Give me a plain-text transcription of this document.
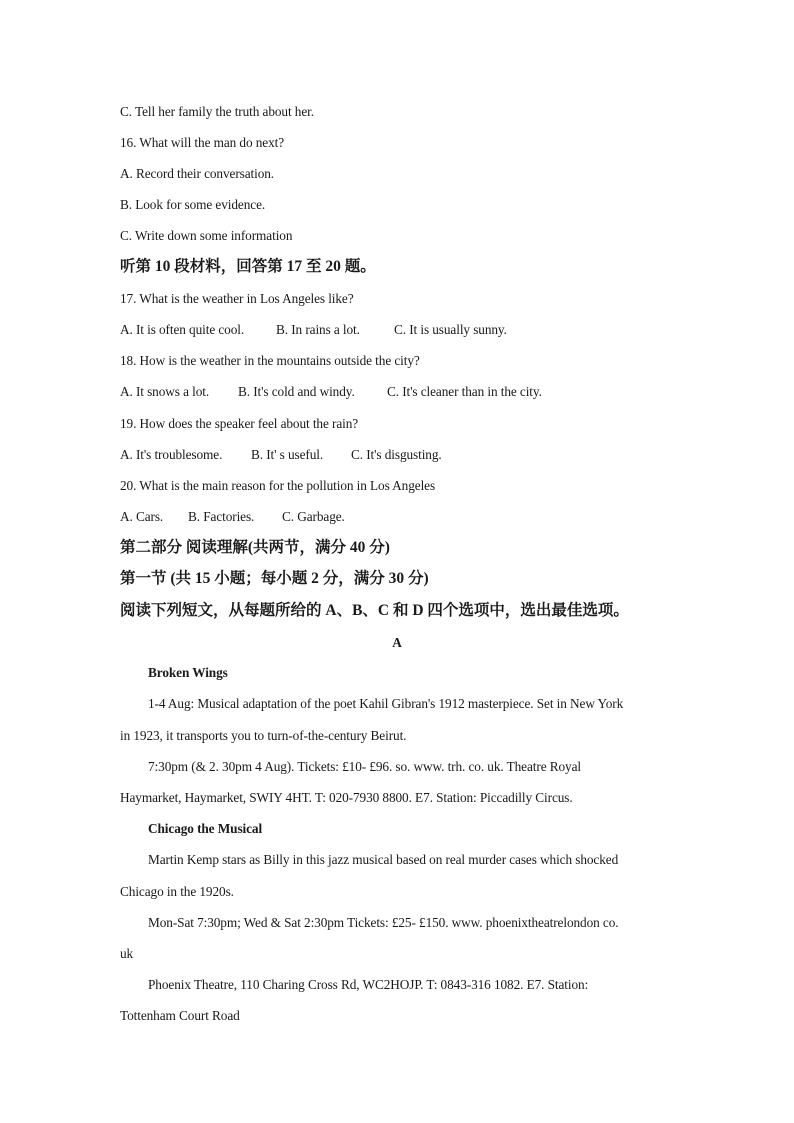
C. Tell her family the truth about her.
16. What will the man do next?
A. Record their conversation.
B. Look for some evidence.
C. Write down some information
听第 10 段材料，回答第 17 至 20 题。
17. What is the weather in Los Angeles like?
A. It is often quite cool. B. In rains a lot.	C. It is usually sunny.
18. How is the weather in the mountains outside the city?
A. It snows a lot. B. It's cold and windy. C. It's cleaner than in the city.
19. How does the speaker feel about the rain?
A. It's troublesome. B. It' s useful. C. It's disgusting.
20. What is the main reason for the pollution in Los Angeles
A. Cars. B. Factories. C. Garbage.
第二部分 阅读理解(共两节，满分 40 分)
第一节 (共 15 小题；每小题 2 分，满分 30 分)
阅读下列短文，从每题所给的 A、B、C 和 D 四个选项中，选出最佳选项。
A
Broken Wings
1-4 Aug: Musical adaptation of the poet Kahil Gibran's 1912 masterpiece. Set in New York
in 1923, it transports you to turn-of-the-century Beirut.
7:30pm (& 2. 30pm 4 Aug). Tickets: £10- £96. so. www. trh. co. uk. Theatre Royal
Haymarket, Haymarket, SWIY 4HT. T: 020-7930 8800. E7. Station: Piccadilly Circus.
Chicago the Musical
Martin Kemp stars as Billy in this jazz musical based on real murder cases which shocked
Chicago in the 1920s.
Mon-Sat 7:30pm; Wed & Sat 2:30pm Tickets: £25- £150. www. phoenixtheatrelondon co.
uk
Phoenix Theatre, 110 Charing Cross Rd, WC2HOJP. T: 0843-316 1082. E7. Station:
Tottenham Court Road
